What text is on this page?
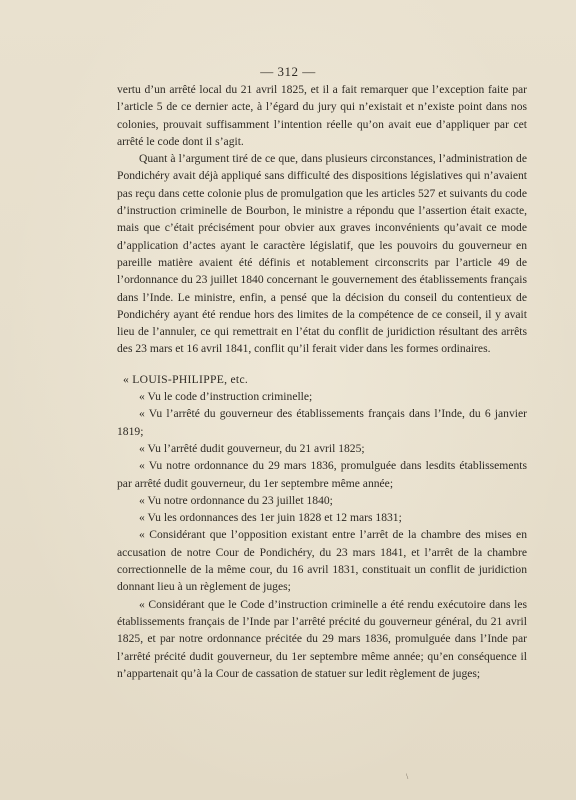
— 312 —

vertu d’un arrêté local du 21 avril 1825, et il a fait remarquer que l’exception faite par l’article 5 de ce dernier acte, à l’égard du jury qui n’existait et n’existe point dans nos colonies, prouvait suffisamment l’intention réelle qu’on avait eue d’appliquer par cet arrêté le code dont il s’agit.

Quant à l’argument tiré de ce que, dans plusieurs circonstances, l’administration de Pondichéry avait déjà appliqué sans difficulté des dispositions législatives qui n’avaient pas reçu dans cette colonie plus de promulgation que les articles 527 et suivants du code d’instruction criminelle de Bourbon, le ministre a répondu que l’assertion était exacte, mais que c’était précisément pour obvier aux graves inconvénients qu’avait ce mode d’application d’actes ayant le caractère législatif, que les pouvoirs du gouverneur en pareille matière avaient été définis et notablement circonscrits par l’article 49 de l’ordonnance du 23 juillet 1840 concernant le gouvernement des établissements français dans l’Inde. Le ministre, enfin, a pensé que la décision du conseil du contentieux de Pondichéry ayant été rendue hors des limites de la compétence de ce conseil, il y avait lieu de l’annuler, ce qui remettrait en l’état du conflit de juridiction résultant des arrêts des 23 mars et 16 avril 1841, conflit qu’il ferait vider dans les formes ordinaires.

« LOUIS-PHILIPPE, etc.

« Vu le code d’instruction criminelle;

« Vu l’arrêté du gouverneur des établissements français dans l’Inde, du 6 janvier 1819;

« Vu l’arrêté dudit gouverneur, du 21 avril 1825;

« Vu notre ordonnance du 29 mars 1836, promulguée dans lesdits établissements par arrêté dudit gouverneur, du 1er septembre même année;

« Vu notre ordonnance du 23 juillet 1840;

« Vu les ordonnances des 1er juin 1828 et 12 mars 1831;

« Considérant que l’opposition existant entre l’arrêt de la chambre des mises en accusation de notre Cour de Pondichéry, du 23 mars 1841, et l’arrêt de la chambre correctionnelle de la même cour, du 16 avril 1831, constituait un conflit de juridiction donnant lieu à un règlement de juges;

« Considérant que le Code d’instruction criminelle a été rendu exécutoire dans les établissements français de l’Inde par l’arrêté précité du gouverneur général, du 21 avril 1825, et par notre ordonnance précitée du 29 mars 1836, promulguée dans l’Inde par l’arrêté précité dudit gouverneur, du 1er septembre même année; qu’en conséquence il n’appartenait qu’à la Cour de cassation de statuer sur ledit règlement de juges;

\
